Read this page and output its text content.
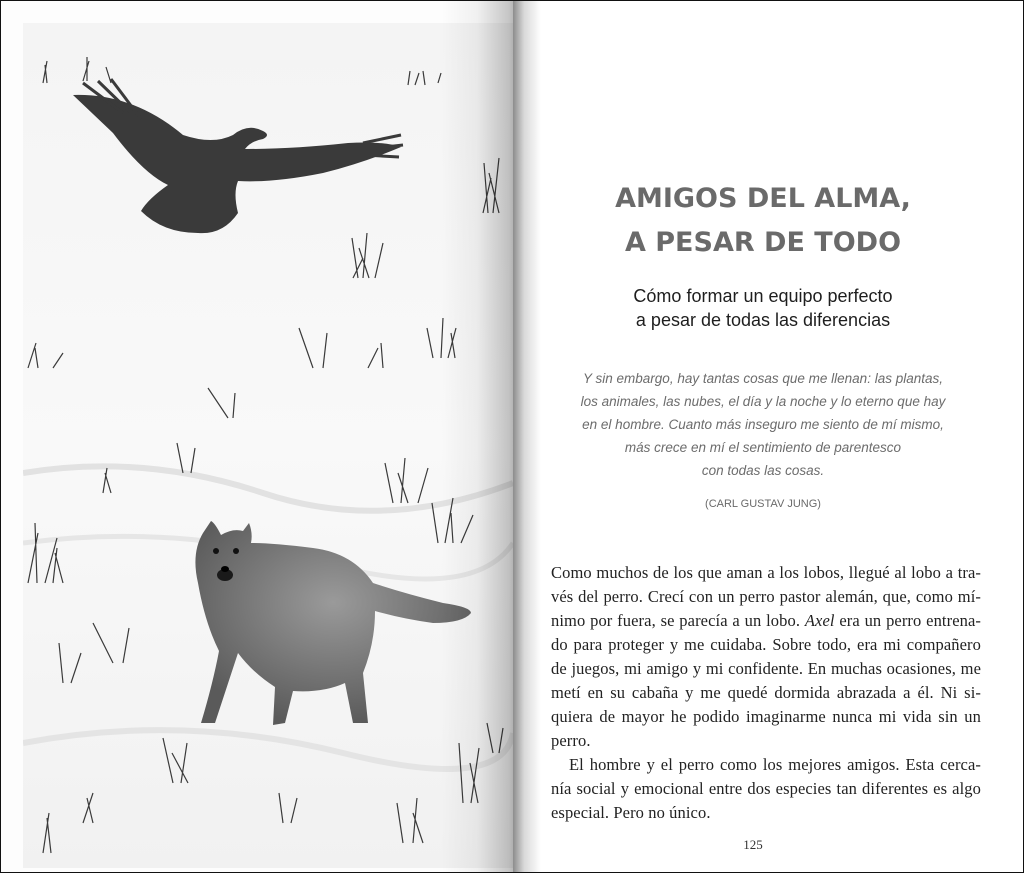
AMIGOS DEL ALMA,
A PESAR DE TODO
Cómo formar un equipo perfecto
a pesar de todas las diferencias
Y sin embargo, hay tantas cosas que me llenan: las plantas,
los animales, las nubes, el día y la noche y lo eterno que hay
en el hombre. Cuanto más inseguro me siento de mí mismo,
más crece en mí el sentimiento de parentesco
con todas las cosas.
(CARL GUSTAV JUNG)
Como muchos de los que aman a los lobos, llegué al lobo a tra-
vés del perro. Crecí con un perro pastor alemán, que, como mí-
nimo por fuera, se parecía a un lobo. Axel era un perro entrena-
do para proteger y me cuidaba. Sobre todo, era mi compañero
de juegos, mi amigo y mi confidente. En muchas ocasiones, me
metí en su cabaña y me quedé dormida abrazada a él. Ni si-
quiera de mayor he podido imaginarme nunca mi vida sin un
perro.
El hombre y el perro como los mejores amigos. Esta cerca-
nía social y emocional entre dos especies tan diferentes es algo
especial. Pero no único.
125
